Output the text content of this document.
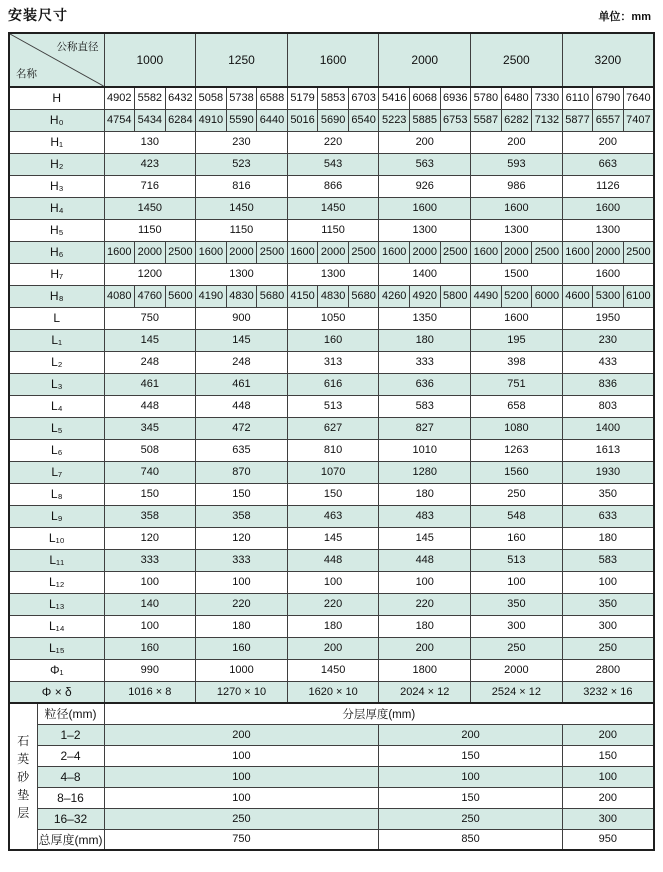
安装尺寸	单位：mm
公称直径
名称		1000			1250			1600			2000			2500			3200		
H		4902	5582	6432	5058	5738	6588	5179	5853	6703	5416	6068	6936	5780	6480	7330	6110	6790	7640
H₀		4754	5434	6284	4910	5590	6440	5016	5690	6540	5223	5885	6753	5587	6282	7132	5877	6557	7407
H₁		130			230			220			200			200			200		
H₂		423			523			543			563			593			663		
H₃		716			816			866			926			986			1126		
H₄		1450			1450			1450			1600			1600			1600		
H₅		1150			1150			1150			1300			1300			1300		
H₆		1600	2000	2500	1600	2000	2500	1600	2000	2500	1600	2000	2500	1600	2000	2500	1600	2000	2500
H₇		1200			1300			1300			1400			1500			1600		
H₈		4080	4760	5600	4190	4830	5680	4150	4830	5680	4260	4920	5800	4490	5200	6000	4600	5300	6100
L		750			900			1050			1350			1600			1950		
L₁		145			145			160			180			195			230		
L₂		248			248			313			333			398			433		
L₃		461			461			616			636			751			836		
L₄		448			448			513			583			658			803		
L₅		345			472			627			827			1080			1400		
L₆		508			635			810			1010			1263			1613		
L₇		740			870			1070			1280			1560			1930		
L₈		150			150			150			180			250			350		
L₉		358			358			463			483			548			633		
L₁₀		120			120			145			145			160			180		
L₁₁		333			333			448			448			513			583		
L₁₂		100			100			100			100			100			100		
L₁₃		140			220			220			220			350			350		
L₁₄		100			180			180			180			300			300		
L₁₅		160			160			200			200			250			250		
Φ₁		990			1000			1450			1800			2000			2800		
Φ × δ		1016 × 8			1270 × 10			1620 × 10			2024 × 12			2524 × 12			3232 × 16		

石
英
砂
垫
层	粒径(mm)	分层厚度(mm)																	
	1–2	200									200						200		
	2–4	100									150						150		
	4–8	100									100						100		
	8–16	100									150						200		
	16–32	250									250						300		
	总厚度(mm)	750									850						950		
